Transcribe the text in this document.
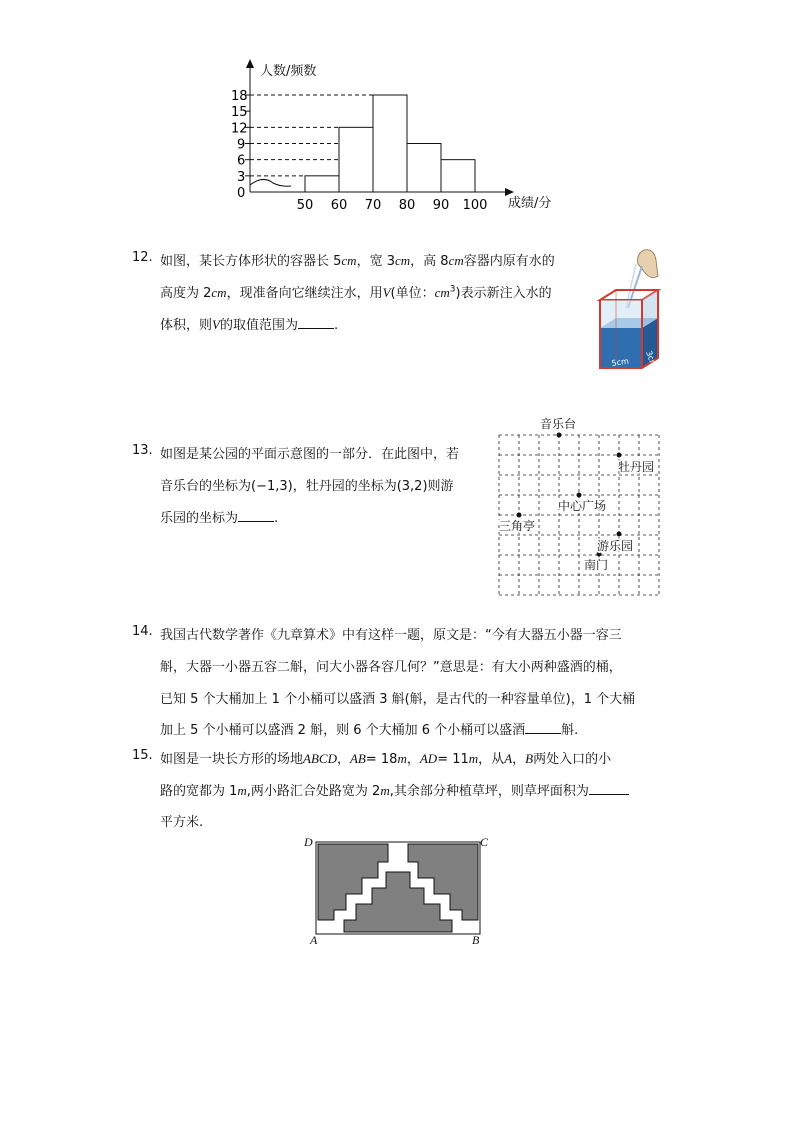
人数/频数
成绩/分
0
3
6
9
12
15
18
50 60 70 80 90 100
12. 如图，某长方体形状的容器长 5cm，宽 3cm，高 8cm容器内原有水的
高度为 2cm，现准备向它继续注水，用V(单位：$cm^3$)表示新注入水的
体积，则V的取值范围为	.
5cm 3cm
13. 如图是某公园的平面示意图的一部分．在此图中，若
音乐台的坐标为(−1,3)，牡丹园的坐标为(3,2)则游
乐园的坐标为	.
音乐台
牡丹园
中心广场
三角亭
游乐园
南门
14. 我国古代数学著作《九章算术》中有这样一题，原文是：“今有大器五小器一容三
斛，大器一小器五容二斛，问大小器各容几何？”意思是：有大小两种盛酒的桶，
已知 5 个大桶加上 1 个小桶可以盛酒 3 斛(斛，是古代的一种容量单位)，1 个大桶
加上 5 个小桶可以盛酒 2 斛，则 6 个大桶加 6 个小桶可以盛酒	斛.
15. 如图是一块长方形的场地ABCD，AB= 18m，AD= 11m，从A，B两处入口的小
路的宽都为 1m,两小路汇合处路宽为 2m,其余部分种植草坪，则草坪面积为
平方米.
D	C
A	B
